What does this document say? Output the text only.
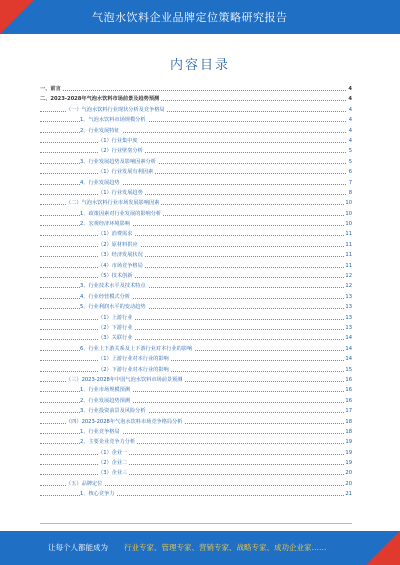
气泡水饮料企业品牌定位策略研究报告
内容目录
一、前言	4
二、2023-2028年气泡水饮料市场前景及趋势预测	4
（一）气泡水饮料行业现状分析及竞争格局	4
1、气泡水饮料市场规模分析	4
2、行业发展特征	4
（1）行业集中度	4
（2）行业壁垒分析	5
3、行业发展趋势及影响因素分析	5
（1）行业发展有利因素	6
4、行业发展趋势	7
（1）行业发展趋势	8
（二）气泡水饮料行业市场发展影响因素	10
1、政策因素对行业发展的影响分析	10
2、宏观经济环境影响	10
（1）消费需求	11
（2）原材料供应	11
（3）经济发展状况	11
（4）市场竞争格局	11
（5）技术创新	12
3、行业技术水平及技术特点	12
4、行业经营模式分析	13
5、行业利润水平的变动趋势	13
（1）上游行业	13
（2）下游行业	13
（3）关联行业	14
6、行业上下游关系及上下游行业对本行业的影响	14
（1）上游行业对本行业的影响	14
（2）下游行业对本行业的影响	15
（三）2023-2028年中国气泡水饮料市场前景预测	16
1、行业市场规模预测	16
2、行业发展趋势预测	16
3、行业投资前景及风险分析	17
（四）2023-2028年气泡水饮料市场竞争格局分析	18
1、行业竞争格局	18
2、主要企业竞争力分析	19
（1）企业一	19
（2）企业二	19
（3）企业三	20
（五）品牌定位	20
1、核心竞争力	21
让每个人都能成为 行业专家、管理专家、营销专家、战略专家、成功企业家……
